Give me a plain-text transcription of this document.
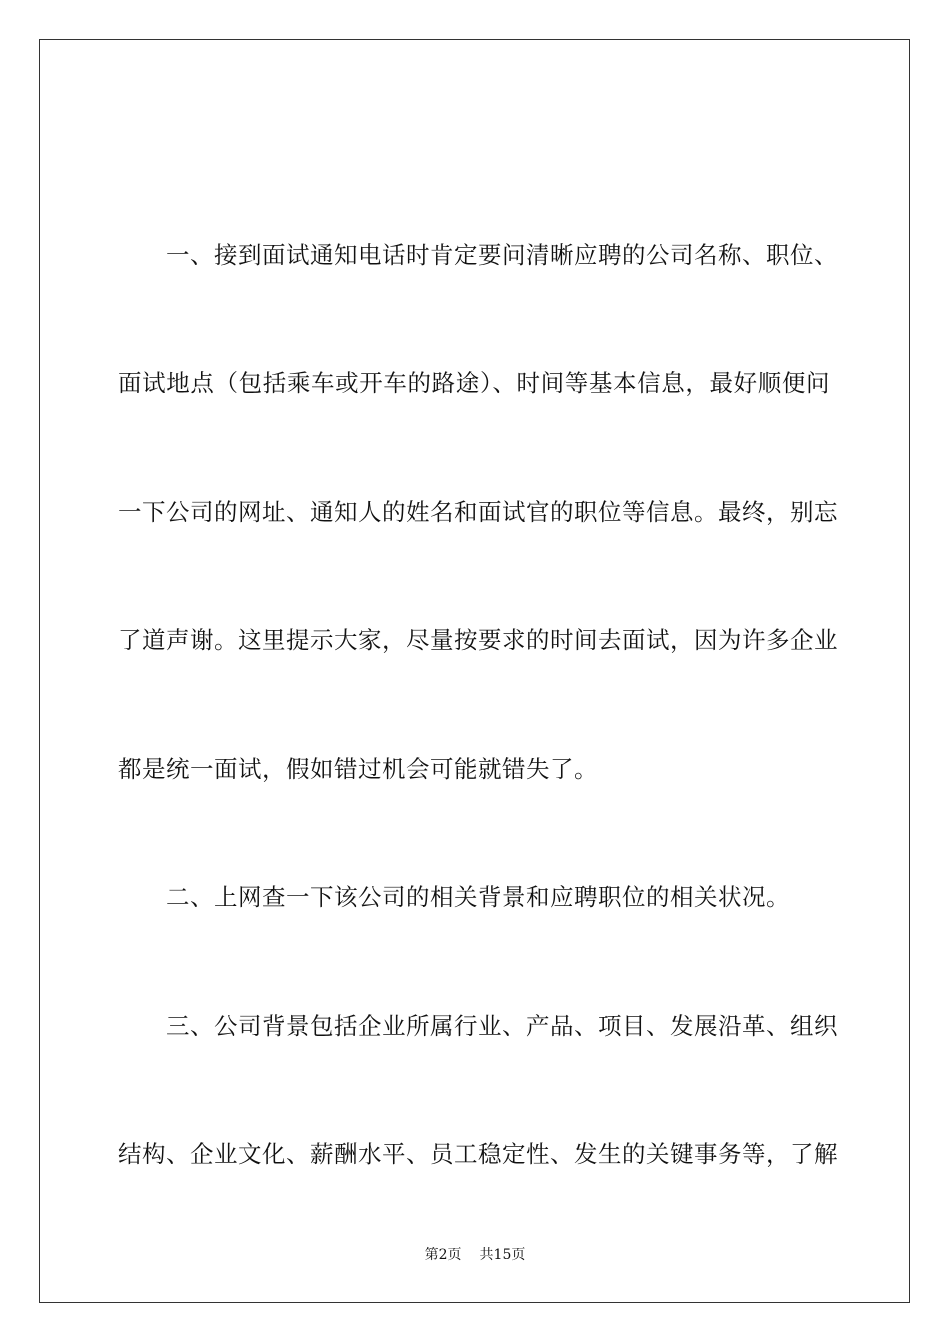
一、接到面试通知电话时肯定要问清晰应聘的公司名称、职位、
面试地点（包括乘车或开车的路途）、时间等基本信息，最好顺便问
一下公司的网址、通知人的姓名和面试官的职位等信息。最终，别忘
了道声谢。这里提示大家，尽量按要求的时间去面试，因为许多企业
都是统一面试，假如错过机会可能就错失了。
二、上网查一下该公司的相关背景和应聘职位的相关状况。
三、公司背景包括企业所属行业、产品、项目、发展沿革、组织
结构、企业文化、薪酬水平、员工稳定性、发生的关键事务等，了解
第2页 共15页
